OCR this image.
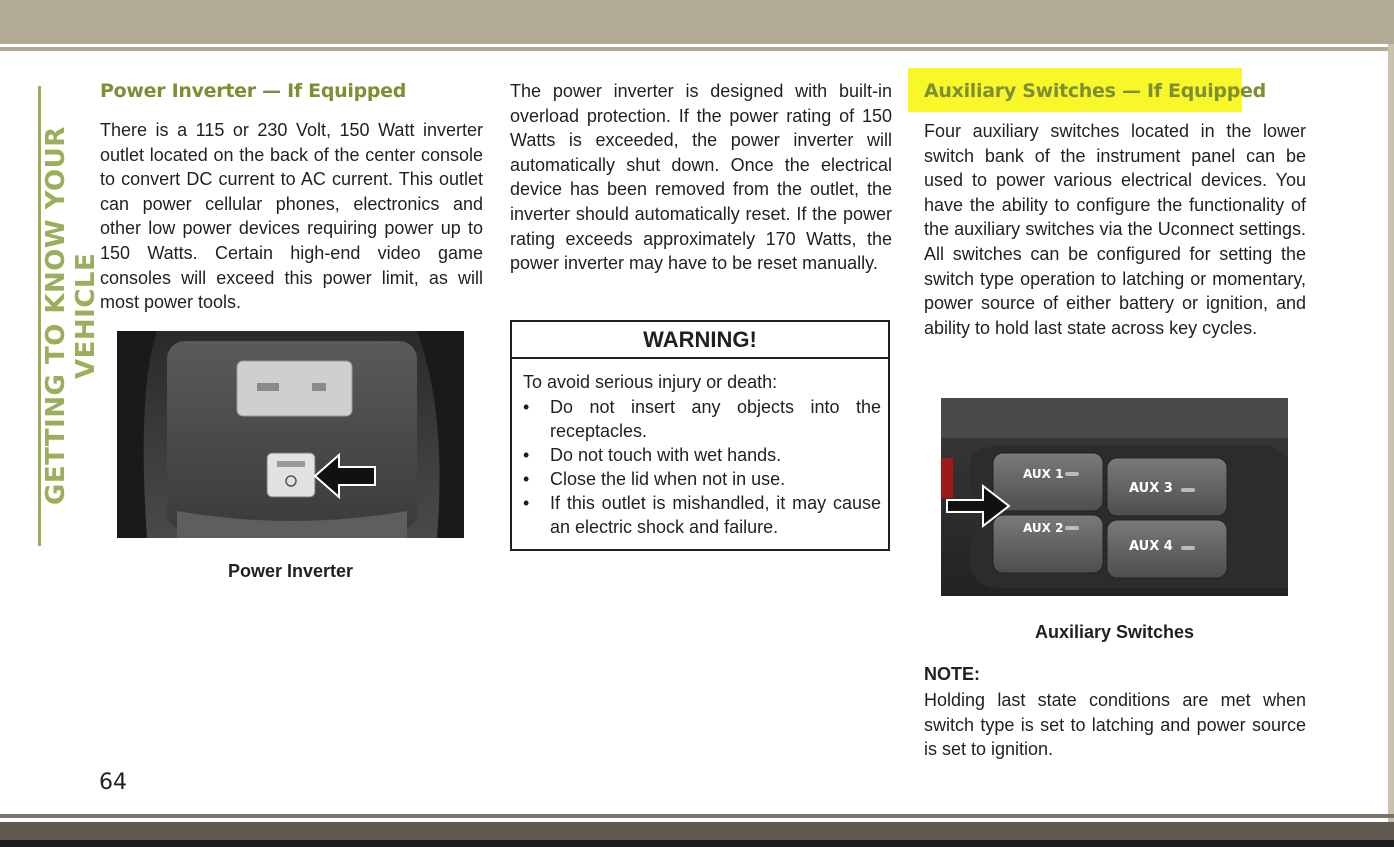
GETTING TO KNOW YOUR VEHICLE
Power Inverter — If Equipped
There is a 115 or 230 Volt, 150 Watt inverter outlet located on the back of the center console to convert DC current to AC current. This outlet can power cellular phones, electronics and other low power devices requiring power up to 150 Watts. Certain high-end video game consoles will exceed this power limit, as will most power tools.
Power Inverter
The power inverter is designed with built-in overload protection. If the power rating of 150 Watts is exceeded, the power inverter will automatically shut down. Once the electrical device has been removed from the outlet, the inverter should automatically reset. If the power rating exceeds approximately 170 Watts, the power inverter may have to be reset manually.
WARNING!
To avoid serious injury or death:
• Do not insert any objects into the receptacles.
• Do not touch with wet hands.
• Close the lid when not in use.
• If this outlet is mishandled, it may cause an electric shock and failure.
Auxiliary Switches — If Equipped
Four auxiliary switches located in the lower switch bank of the instrument panel can be used to power various electrical devices. You have the ability to configure the functionality of the auxiliary switches via the Uconnect settings. All switches can be configured for setting the switch type operation to latching or momentary, power source of either battery or ignition, and ability to hold last state across key cycles.
AUX 1
AUX 2
AUX 3
AUX 4
Auxiliary Switches
NOTE:
Holding last state conditions are met when switch type is set to latching and power source is set to ignition.
64
